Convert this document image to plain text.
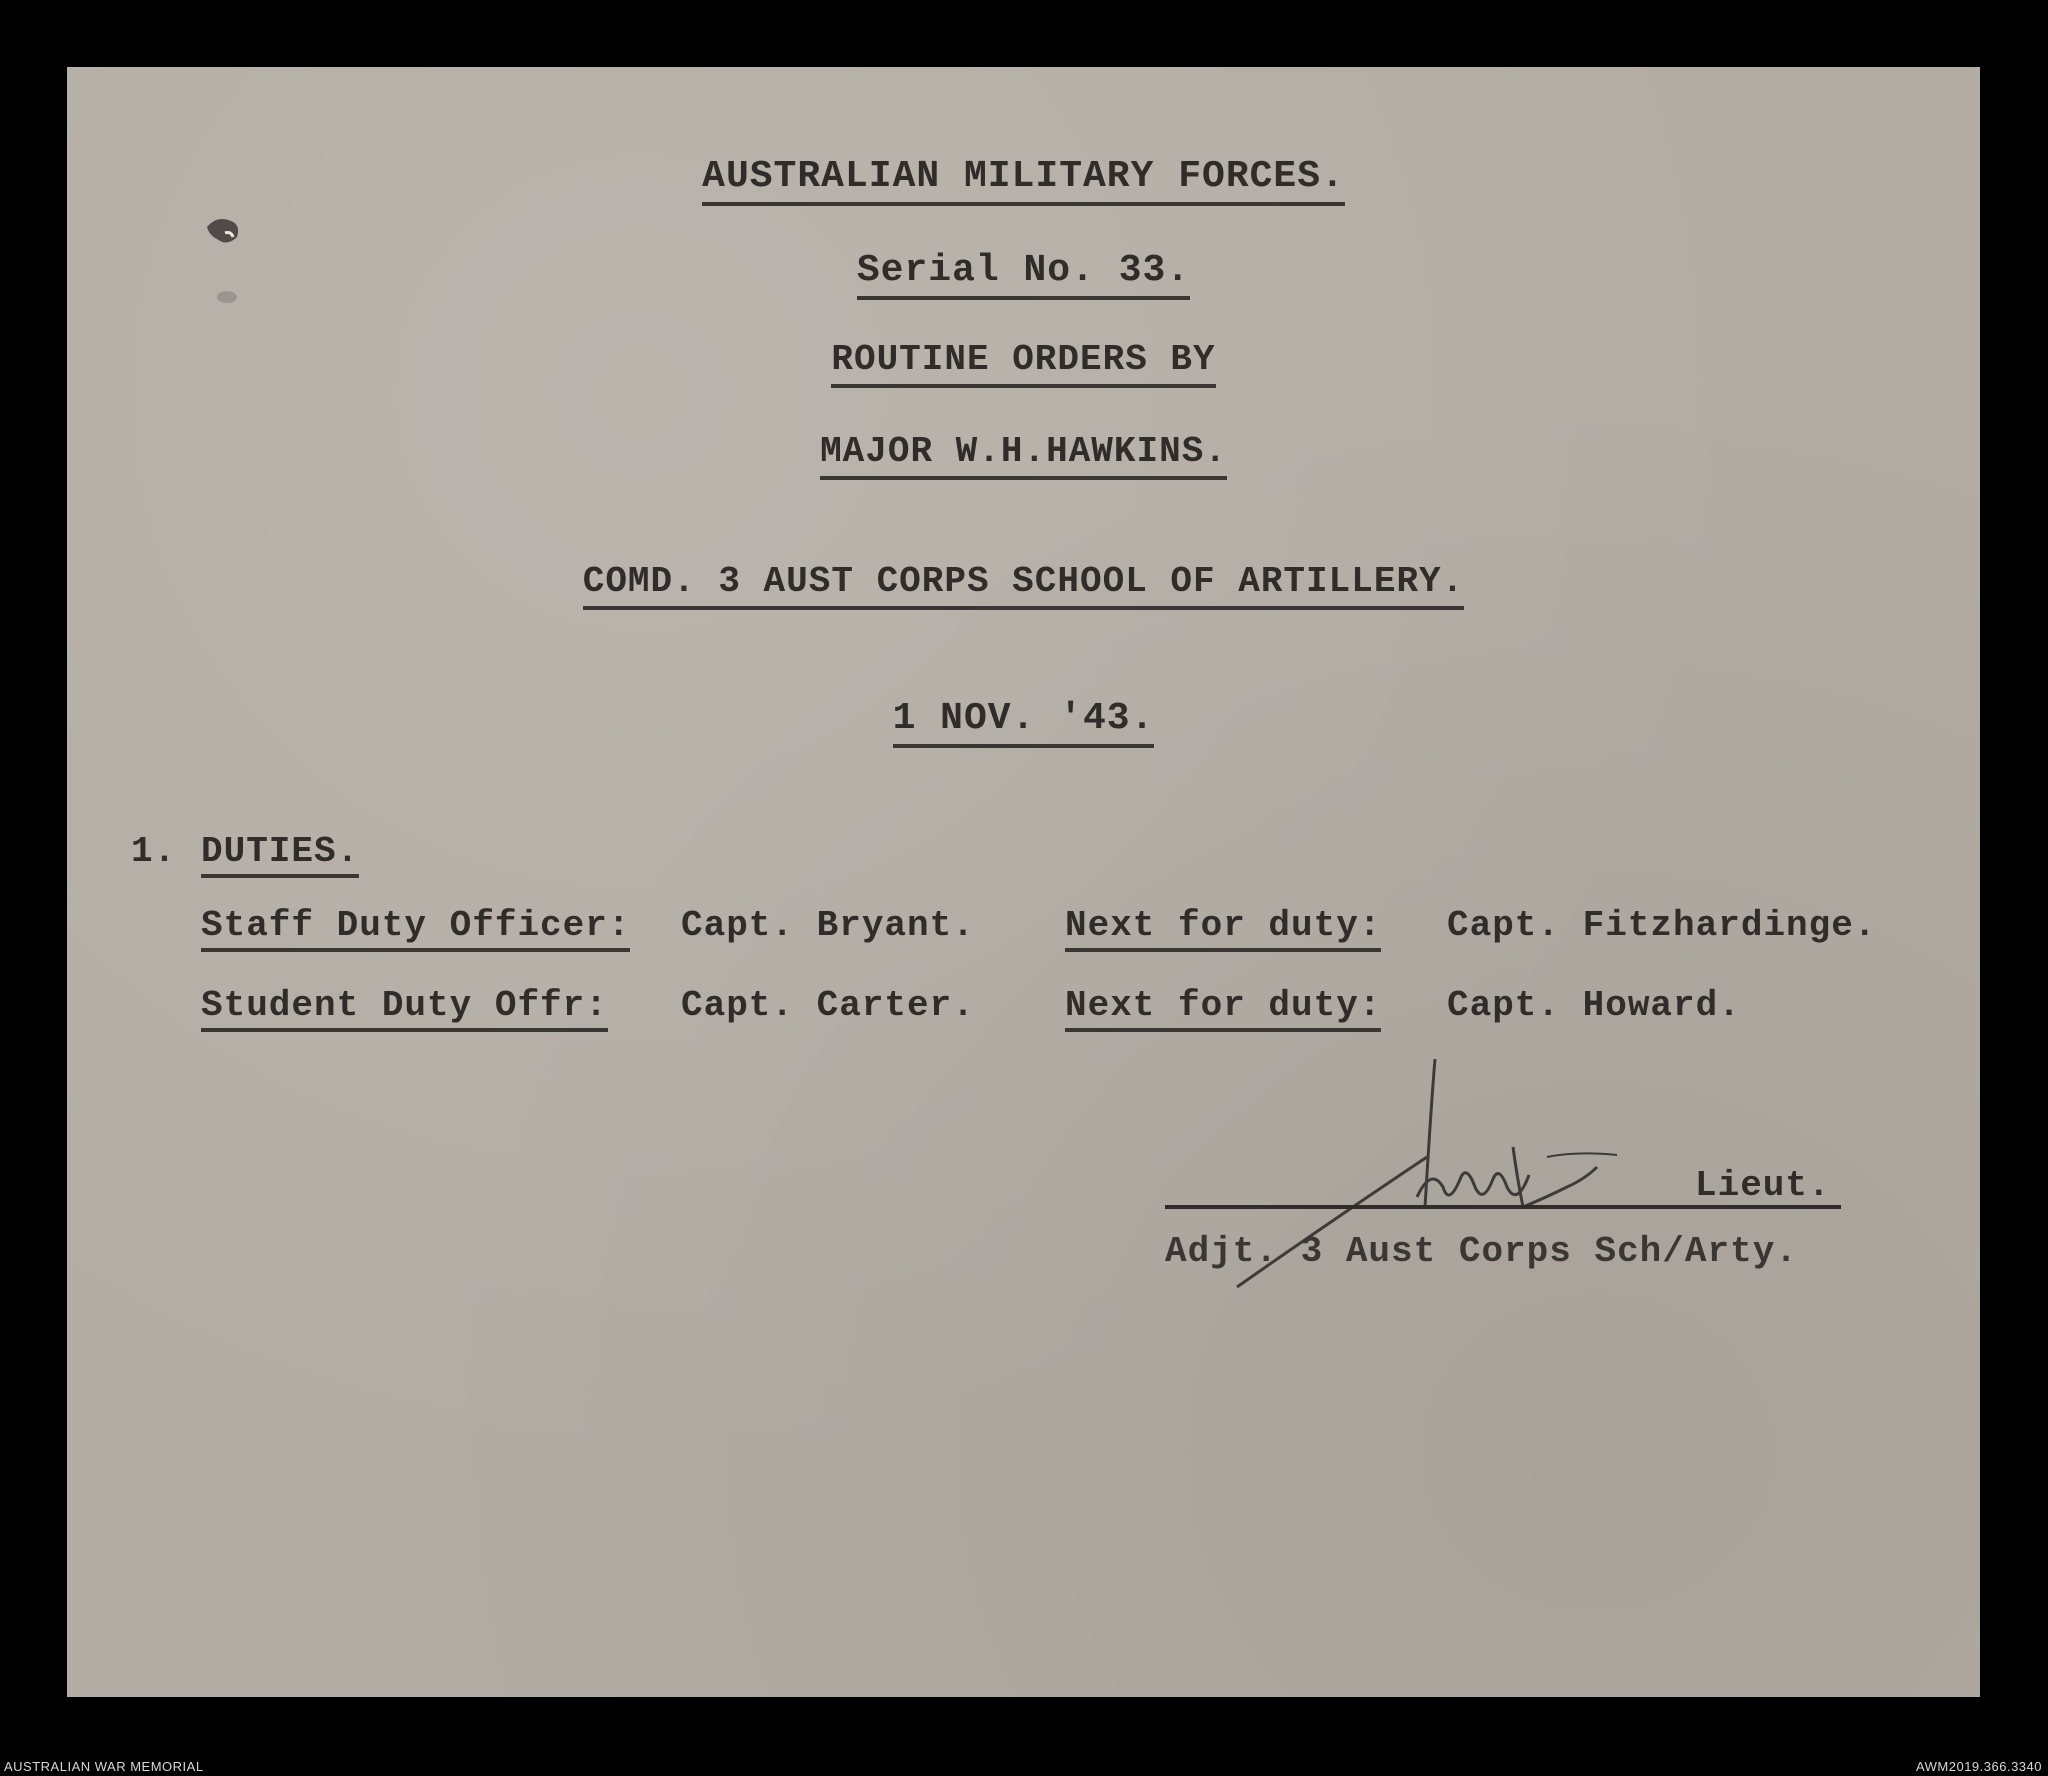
AUSTRALIAN MILITARY FORCES.
Serial No. 33.
ROUTINE ORDERS BY
MAJOR W.H.HAWKINS.
COMD. 3 AUST CORPS SCHOOL OF ARTILLERY.
1 NOV. '43.
1. DUTIES.
Staff Duty Officer: Capt. Bryant.	Next for duty: Capt. Fitzhardinge.
Student Duty Offr: Capt. Carter.	Next for duty: Capt. Howard.
Lieut.
Adjt. 3 Aust Corps Sch/Arty.
AUSTRALIAN WAR MEMORIAL	AWM2019.366.3340
